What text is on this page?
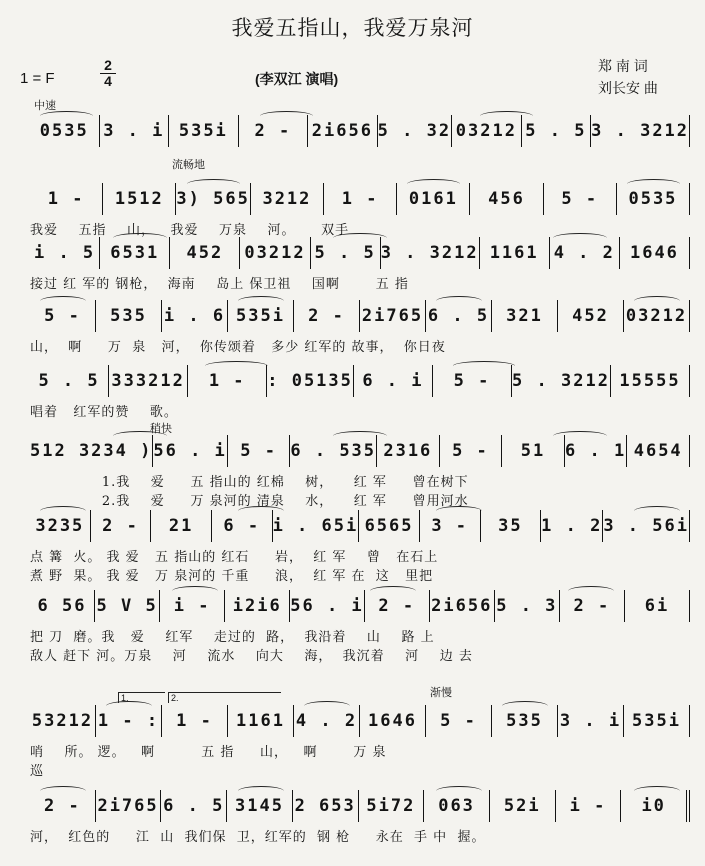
我爱五指山，我爱万泉河
1 = F
2
4	(李双江 演唱)
郑 南 词
刘长安 曲
中速
流畅地
稍快
渐慢
1.	2.
0535 3 . i 535i	2 -	2i656 5 . 32 03212 5 . 5 3 . 3212
1 -	1512 3) 565 3212	1 -	0161	456	5 -	0535
我爱    五指    山，   我爱    万泉    河。     双手
i . 5 6531	452	03212 5 . 5 3 . 3212 1161 4 . 2 1646
接过 红 军的 钢枪，  海南    岛上 保卫祖    国啊       五 指
5 -	535	i . 6 535i	2 -	2i765 6 . 5	321	452	03212
山，  啊     万  泉   河，  你传颂着   多少 红军的 故事，  你日夜
5 . 5 333212	1 -	: 05135 6 . i	5 -	5 . 3212 15555
唱着   红军的赞    歌。
512 3234 ) 56 . i 5 - 6 . 535 2316	5 -	51	6 . 1 4654
1.我    爱     五 指山的 红棉    树，    红 军     曾在树下
2.我    爱     万 泉河的 清泉    水，    红 军     曾用河水
3235	2 -	21	6 - i . 65i 6565	3 -	35	1 . 2 3 . 56i
点 篝  火。 我 爱   五 指山的 红石     岩，  红 军    曾   在石上
煮 野  果。 我 爱   万 泉河的 千重     浪，  红 军 在  这   里把
6 56 5 V 5 i -	i2i6 56 . i 2 - 2i656 5 . 3 2 -	6i
把 刀  磨。我   爱    红军    走过的  路，  我沿着    山    路 上
敌人 赶下 河。万泉    河    流水    向大    海，  我沉着    河    边 去
53212 1 - :	1 -	1161 4 . 2 1646	5 -	535	3 . i 535i
哨    所。 逻。   啊         五 指     山，   啊       万 泉
巡
2 - 2i765 6 . 5 3145 2 653 5i72	063	52i	i -	i0
河，  红色的     江  山  我们保  卫，红军的  钢 枪     永在  手 中  握。
